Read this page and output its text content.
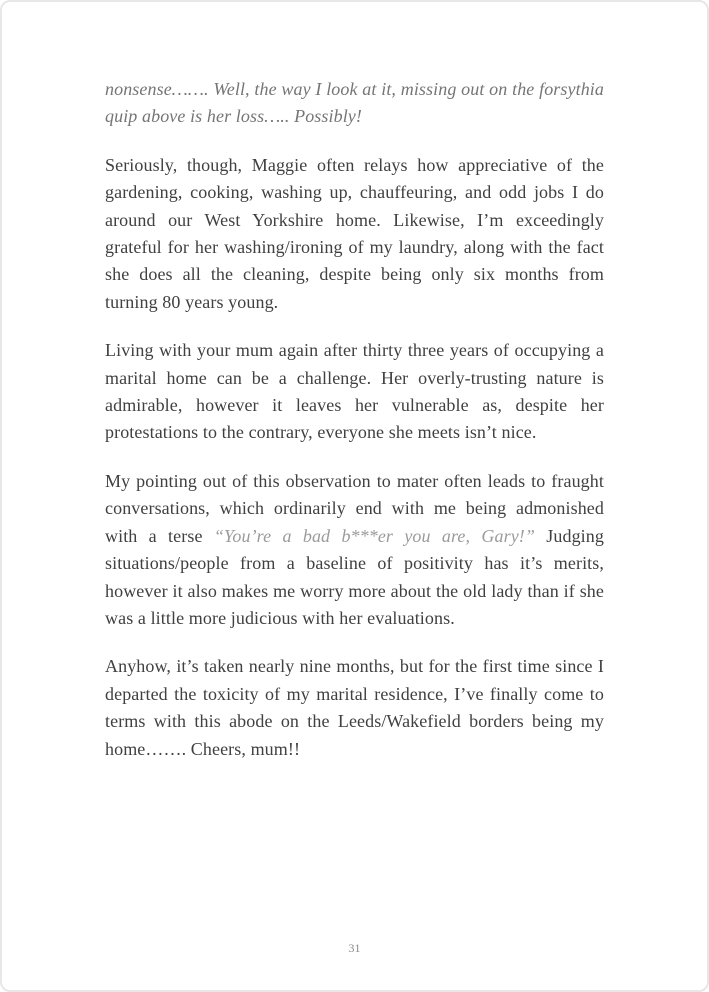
nonsense……. Well, the way I look at it, missing out on the forsythia quip above is her loss….. Possibly!

Seriously, though, Maggie often relays how appreciative of the gardening, cooking, washing up, chauffeuring, and odd jobs I do around our West Yorkshire home. Likewise, I’m exceedingly grateful for her washing/ironing of my laundry, along with the fact she does all the cleaning, despite being only six months from turning 80 years young.

Living with your mum again after thirty three years of occupying a marital home can be a challenge. Her overly-trusting nature is admirable, however it leaves her vulnerable as, despite her protestations to the contrary, everyone she meets isn’t nice.

My pointing out of this observation to mater often leads to fraught conversations, which ordinarily end with me being admonished with a terse “You’re a bad b***er you are, Gary!” Judging situations/people from a baseline of positivity has it’s merits, however it also makes me worry more about the old lady than if she was a little more judicious with her evaluations.

Anyhow, it’s taken nearly nine months, but for the first time since I departed the toxicity of my marital residence, I’ve finally come to terms with this abode on the Leeds/Wakefield borders being my home……. Cheers, mum!!

31
